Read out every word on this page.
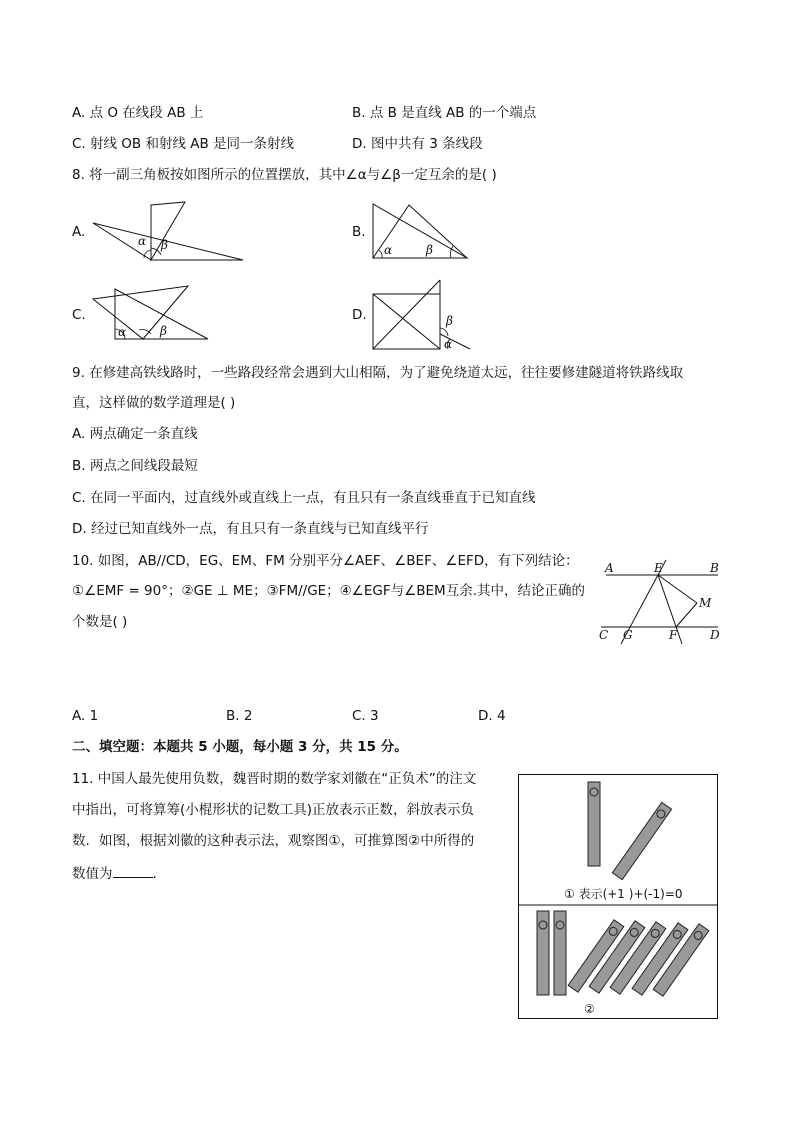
A. 点 O 在线段 AB 上	B. 点 B 是直线 AB 的一个端点
C. 射线 OB 和射线 AB 是同一条射线	D. 图中共有 3 条线段
8. 将一副三角板按如图所示的位置摆放，其中∠α与∠β一定互余的是( )
A.
α β
B.
α	β
C.
α	β
D.	β
α
9. 在修建高铁线路时，一些路段经常会遇到大山相隔，为了避免绕道太远，往往要修建隧道将铁路线取
直，这样做的数学道理是( )
A. 两点确定一条直线
B. 两点之间线段最短
C. 在同一平面内，过直线外或直线上一点，有且只有一条直线垂直于已知直线
D. 经过已知直线外一点，有且只有一条直线与已知直线平行
10. 如图，AB//CD，EG、EM、FM 分别平分∠AEF、∠BEF、∠EFD，有下列结论：
①∠EMF = 90°；②GE ⊥ ME；③FM//GE；④∠EGF与∠BEM互余.其中，结论正确的
个数是( )
A	E	B
M
C G	F	D
A. 1	B. 2	C. 3	D. 4
二、填空题：本题共 5 小题，每小题 3 分，共 15 分。
11. 中国人最先使用负数，魏晋时期的数学家刘徽在“正负术”的注文
中指出，可将算筹(小棍形状的记数工具)正放表示正数，斜放表示负
数．如图，根据刘徽的这种表示法，观察图①，可推算图②中所得的
数值为	.
① 表示(+1 )+(-1)=0
②
